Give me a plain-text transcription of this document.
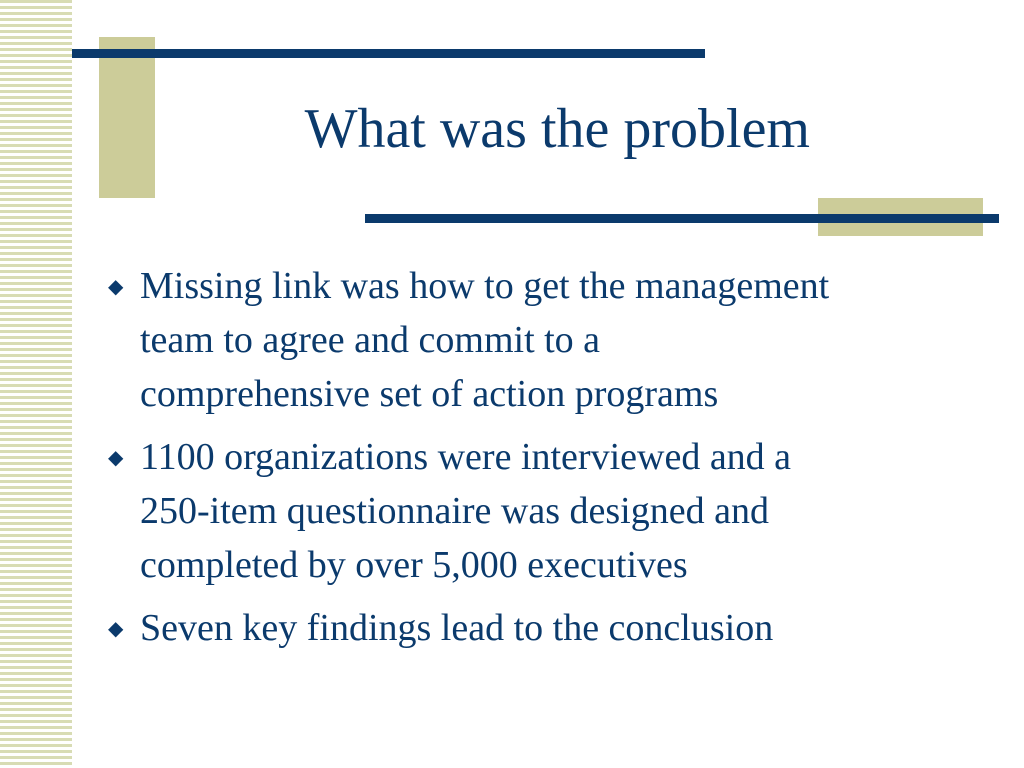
What was the problem
◆ Missing link was how to get the management
team to agree and commit to a
comprehensive set of action programs
◆ 1100 organizations were interviewed and a
250-item questionnaire was designed and
completed by over 5,000 executives
◆ Seven key findings lead to the conclusion
